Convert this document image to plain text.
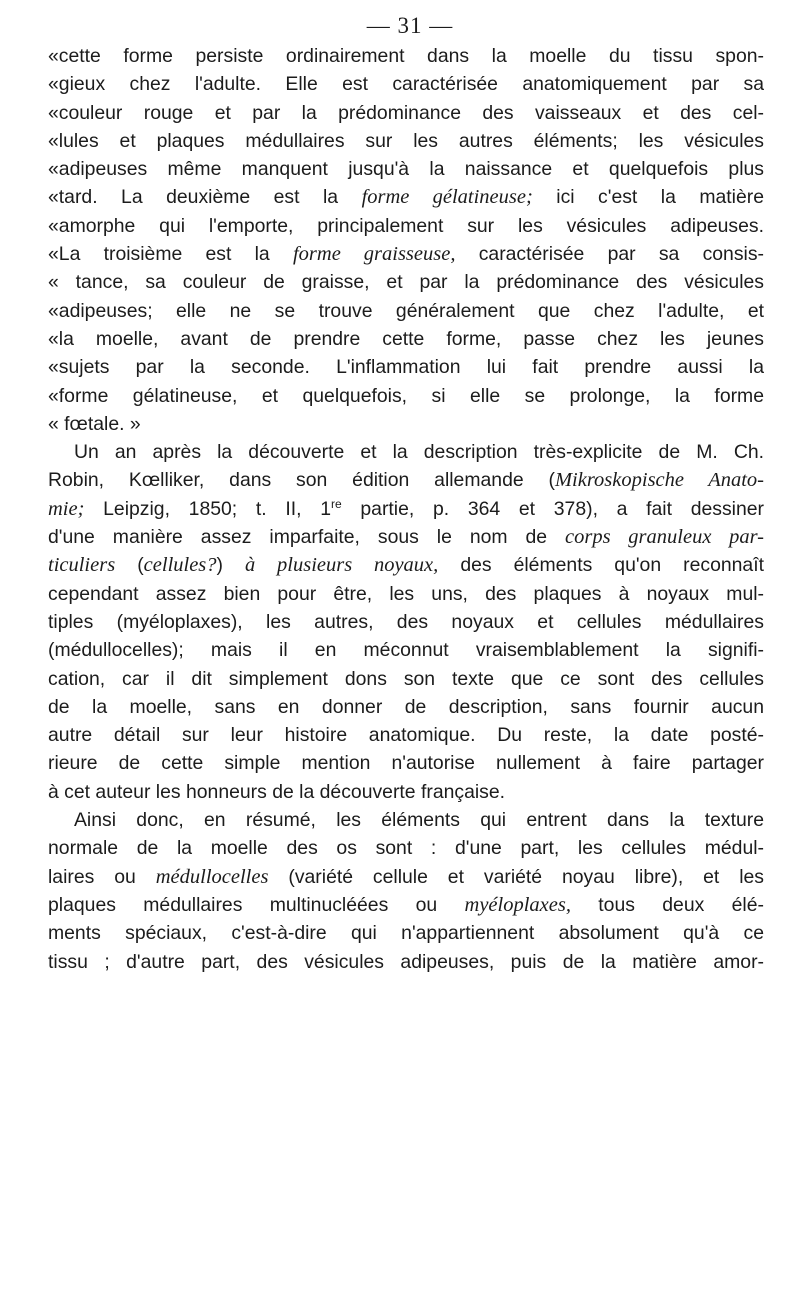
— 31 —
«cette forme persiste ordinairement dans la moelle du tissu spon-
«gieux chez l'adulte. Elle est caractérisée anatomiquement par sa
«couleur rouge et par la prédominance des vaisseaux et des cel-
«lules et plaques médullaires sur les autres éléments; les vésicules
«adipeuses même manquent jusqu'à la naissance et quelquefois plus
«tard. La deuxième est la forme gélatineuse; ici c'est la matière
«amorphe qui l'emporte, principalement sur les vésicules adipeuses.
«La troisième est la forme graisseuse, caractérisée par sa consis-
« tance, sa couleur de graisse, et par la prédominance des vésicules
«adipeuses; elle ne se trouve généralement que chez l'adulte, et
«la moelle, avant de prendre cette forme, passe chez les jeunes
«sujets par la seconde. L'inflammation lui fait prendre aussi la
«forme gélatineuse, et quelquefois, si elle se prolonge, la forme
« fœtale. »
Un an après la découverte et la description très-explicite de M. Ch.
Robin, Kœlliker, dans son édition allemande (Mikroskopische Anato-
mie; Leipzig, 1850; t. II, 1re partie, p. 364 et 378), a fait dessiner
d'une manière assez imparfaite, sous le nom de corps granuleux par-
ticuliers (cellules?) à plusieurs noyaux, des éléments qu'on reconnaît
cependant assez bien pour être, les uns, des plaques à noyaux mul-
tiples (myéloplaxes), les autres, des noyaux et cellules médullaires
(médullocelles); mais il en méconnut vraisemblablement la signifi-
cation, car il dit simplement dons son texte que ce sont des cellules
de la moelle, sans en donner de description, sans fournir aucun
autre détail sur leur histoire anatomique. Du reste, la date posté-
rieure de cette simple mention n'autorise nullement à faire partager
à cet auteur les honneurs de la découverte française.
Ainsi donc, en résumé, les éléments qui entrent dans la texture
normale de la moelle des os sont : d'une part, les cellules médul-
laires ou médullocelles (variété cellule et variété noyau libre), et les
plaques médullaires multinucléées ou myéloplaxes, tous deux élé-
ments spéciaux, c'est-à-dire qui n'appartiennent absolument qu'à ce
tissu ; d'autre part, des vésicules adipeuses, puis de la matière amor-
